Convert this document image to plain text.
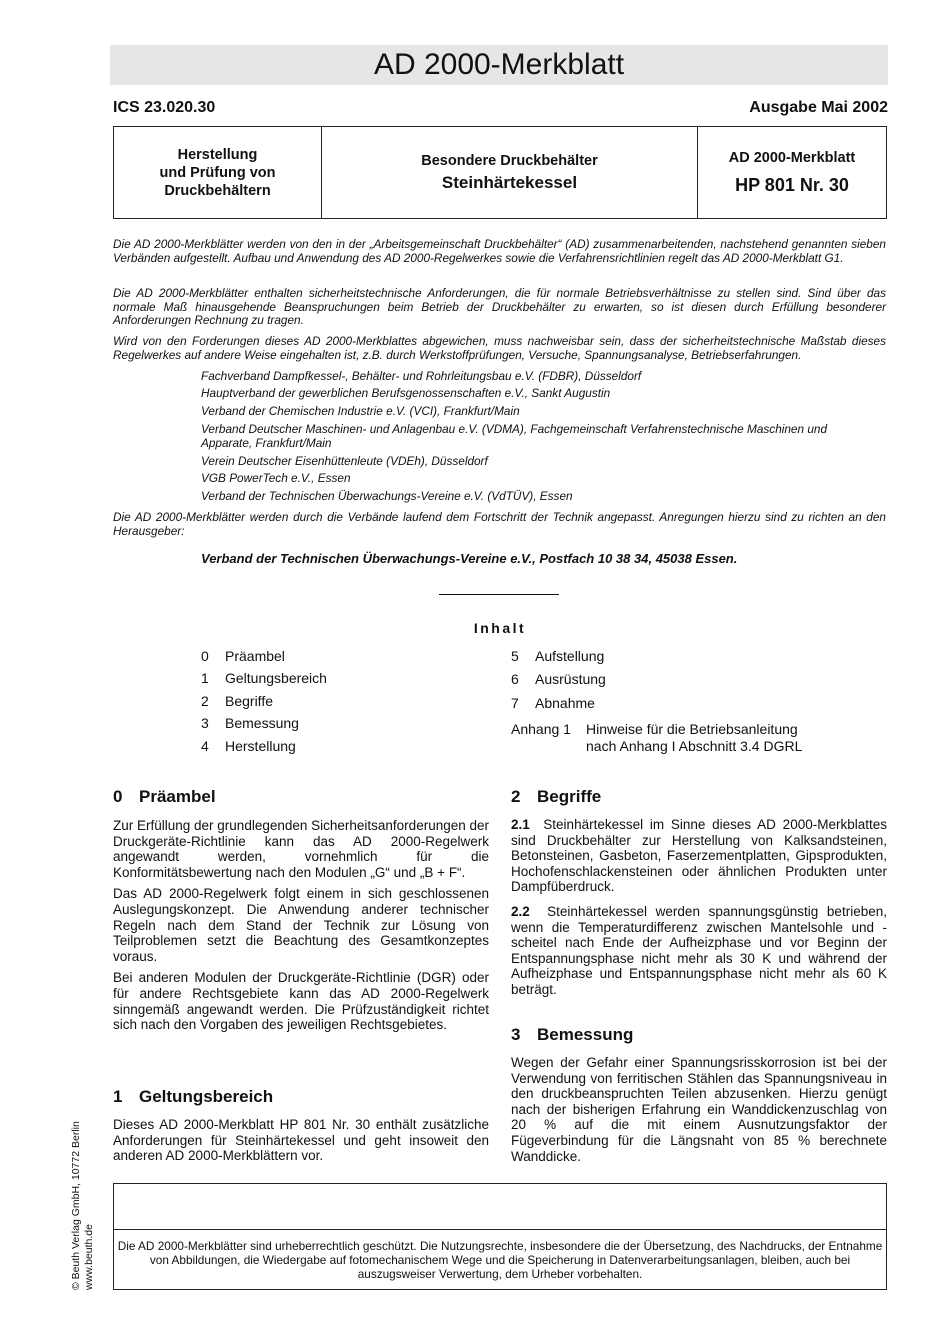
AD 2000-Merkblatt
ICS 23.020.30	Ausgabe Mai 2002
Herstellung
und Prüfung von
Druckbehältern
Besondere Druckbehälter
Steinhärtekessel
AD 2000-Merkblatt
HP 801 Nr. 30
Die AD 2000-Merkblätter werden von den in der „Arbeitsgemeinschaft Druckbehälter“ (AD) zusammenarbeitenden, nachstehend genannten sieben Verbänden aufgestellt. Aufbau und Anwendung des AD 2000-Regelwerkes sowie die Verfahrensrichtlinien regelt das AD 2000-Merkblatt G1.
Die AD 2000-Merkblätter enthalten sicherheitstechnische Anforderungen, die für normale Betriebsverhältnisse zu stellen sind. Sind über das normale Maß hinausgehende Beanspruchungen beim Betrieb der Druckbehälter zu erwarten, so ist diesen durch Erfüllung besonderer Anforderungen Rechnung zu tragen.
Wird von den Forderungen dieses AD 2000-Merkblattes abgewichen, muss nachweisbar sein, dass der sicherheitstechnische Maßstab dieses Regelwerkes auf andere Weise eingehalten ist, z.B. durch Werkstoffprüfungen, Versuche, Spannungsanalyse, Betriebserfahrungen.
Fachverband Dampfkessel-, Behälter- und Rohrleitungsbau e.V. (FDBR), Düsseldorf
Hauptverband der gewerblichen Berufsgenossenschaften e.V., Sankt Augustin
Verband der Chemischen Industrie e.V. (VCI), Frankfurt/Main
Verband Deutscher Maschinen- und Anlagenbau e.V. (VDMA), Fachgemeinschaft Verfahrenstechnische Maschinen und Apparate, Frankfurt/Main
Verein Deutscher Eisenhüttenleute (VDEh), Düsseldorf
VGB PowerTech e.V., Essen
Verband der Technischen Überwachungs-Vereine e.V. (VdTÜV), Essen
Die AD 2000-Merkblätter werden durch die Verbände laufend dem Fortschritt der Technik angepasst. Anregungen hierzu sind zu richten an den Herausgeber:
Verband der Technischen Überwachungs-Vereine e.V., Postfach 10 38 34, 45038 Essen.
Inhalt
0	Präambel
1	Geltungsbereich
2	Begriffe
3	Bemessung
4	Herstellung
5	Aufstellung
6	Ausrüstung
7	Abnahme
Anhang 1	Hinweise für die Betriebsanleitung
nach Anhang I Abschnitt 3.4 DGRL
0 Präambel

Zur Erfüllung der grundlegenden Sicherheitsanforderungen der Druckgeräte-Richtlinie kann das AD 2000-Regelwerk angewandt werden, vornehmlich für die Konformitätsbewertung nach den Modulen „G“ und „B + F“.

Das AD 2000-Regelwerk folgt einem in sich geschlossenen Auslegungskonzept. Die Anwendung anderer technischer Regeln nach dem Stand der Technik zur Lösung von Teilproblemen setzt die Beachtung des Gesamtkonzeptes voraus.

Bei anderen Modulen der Druckgeräte-Richtlinie (DGR) oder für andere Rechtsgebiete kann das AD 2000-Regelwerk sinngemäß angewandt werden. Die Prüfzuständigkeit richtet sich nach den Vorgaben des jeweiligen Rechtsgebietes.

1 Geltungsbereich

Dieses AD 2000-Merkblatt HP 801 Nr. 30 enthält zusätzliche Anforderungen für Steinhärtekessel und geht insoweit den anderen AD 2000-Merkblättern vor.

2 Begriffe

2.1 Steinhärtekessel im Sinne dieses AD 2000-Merkblattes sind Druckbehälter zur Herstellung von Kalksandsteinen, Betonsteinen, Gasbeton, Faserzementplatten, Gipsprodukten, Hochofenschlackensteinen oder ähnlichen Produkten unter Dampfüberdruck.

2.2 Steinhärtekessel werden spannungsgünstig betrieben, wenn die Temperaturdifferenz zwischen Mantelsohle und -scheitel nach Ende der Aufheizphase und vor Beginn der Entspannungsphase nicht mehr als 30 K und während der Aufheizphase und Entspannungsphase nicht mehr als 60 K beträgt.

3 Bemessung

Wegen der Gefahr einer Spannungsrisskorrosion ist bei der Verwendung von ferritischen Stählen das Spannungsniveau in den druckbeanspruchten Teilen abzusenken. Hierzu genügt nach der bisherigen Erfahrung ein Wanddickenzuschlag von 20 % auf die mit einem Ausnutzungsfaktor der Fügeverbindung für die Längsnaht von 85 % berechnete Wanddicke.

Die AD 2000-Merkblätter sind urheberrechtlich geschützt. Die Nutzungsrechte, insbesondere die der Übersetzung, des Nachdrucks, der Entnahme von Abbildungen, die Wiedergabe auf fotomechanischem Wege und die Speicherung in Datenverarbeitungsanlagen, bleiben, auch bei auszugsweiser Verwertung, dem Urheber vorbehalten.
© Beuth Verlag GmbH, 10772 Berlin www.beuth.de
